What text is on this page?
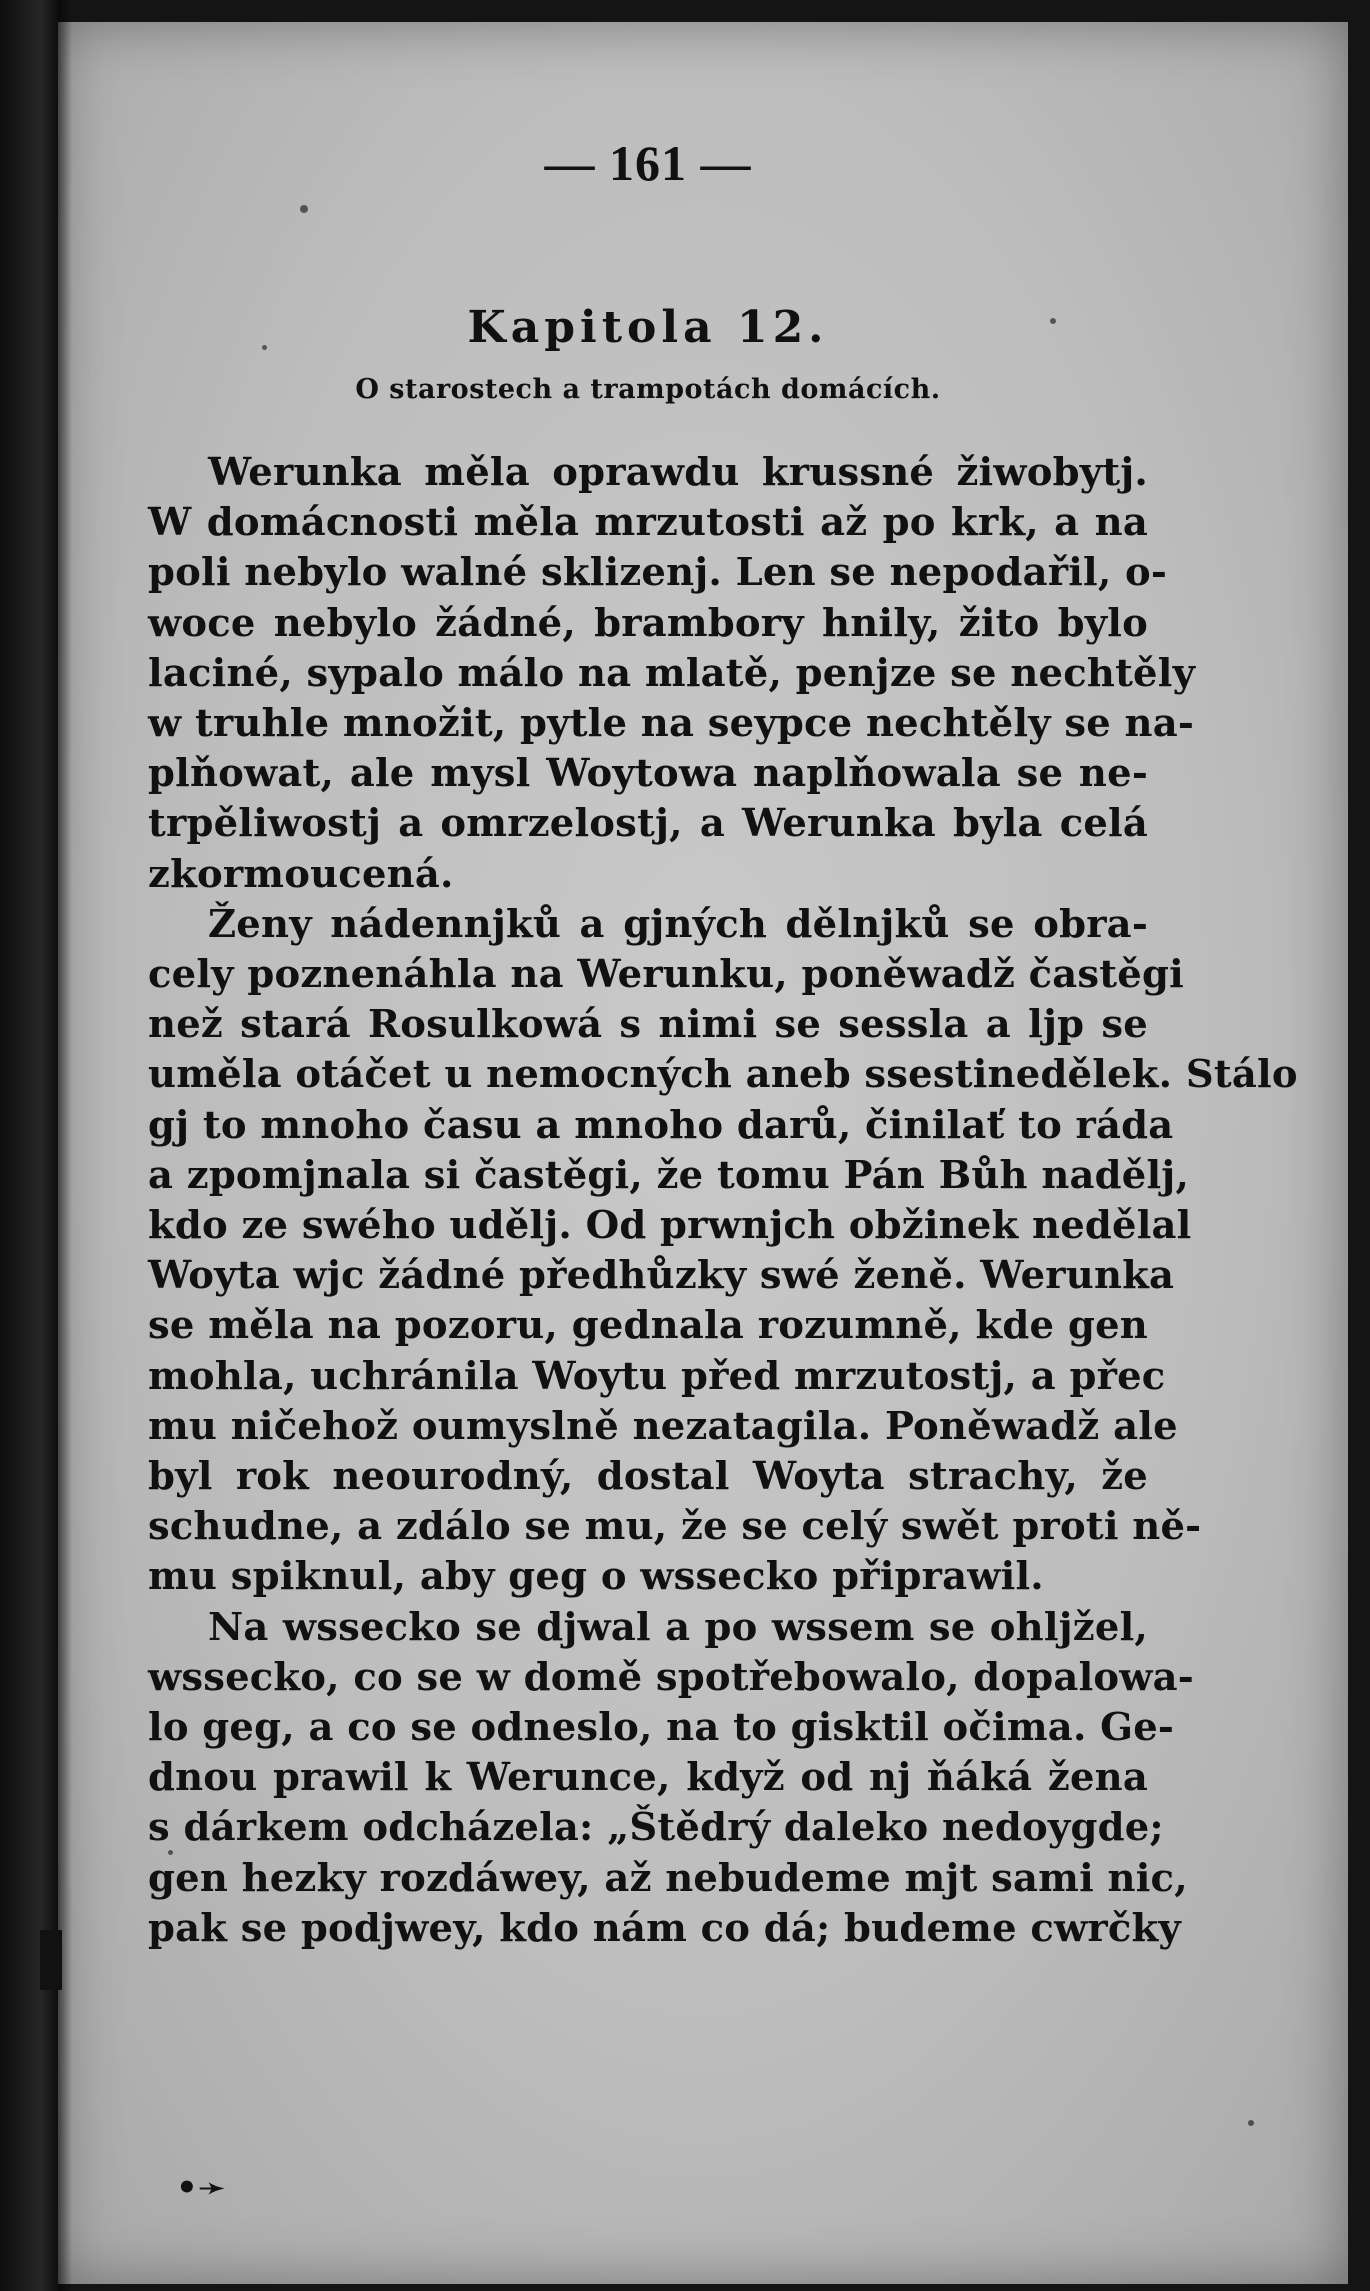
— 161 —
Kapitola 12.
O starostech a trampotách domácích.
Werunka měla oprawdu krussné žiwobytj.
W domácnosti měla mrzutosti až po krk, a na
poli nebylo walné sklizenj. Len se nepodařil, o-
woce nebylo žádné, brambory hnily, žito bylo
laciné, sypalo málo na mlatě, penjze se nechtěly
w truhle množit, pytle na seypce nechtěly se na-
plňowat, ale mysl Woytowa naplňowala se ne-
trpěliwostj a omrzelostj, a Werunka byla celá
zkormoucená.
Ženy nádennjků a gjných dělnjků se obra-
cely poznenáhla na Werunku, poněwadž častěgi
než stará Rosulkowá s nimi se sessla a ljp se
uměla otáčet u nemocných aneb ssestinedělek. Stálo
gj to mnoho času a mnoho darů, činilať to ráda
a zpomjnala si častěgi, že tomu Pán Bůh nadělj,
kdo ze swého udělj. Od prwnjch obžinek nedělal
Woyta wjc žádné předhůzky swé ženě. Werunka
se měla na pozoru, gednala rozumně, kde gen
mohla, uchránila Woytu před mrzutostj, a přec
mu ničehož oumyslně nezatagila. Poněwadž ale
byl rok neourodný, dostal Woyta strachy, že
schudne, a zdálo se mu, že se celý swět proti ně-
mu spiknul, aby geg o wssecko připrawil.
Na wssecko se djwal a po wssem se ohljžel,
wssecko, co se w domě spotřebowalo, dopalowa-
lo geg, a co se odneslo, na to gisktil očima. Ge-
dnou prawil k Werunce, když od nj ňáká žena
s dárkem odcházela: „Štědrý daleko nedoygde;
gen hezky rozdáwey, až nebudeme mjt sami nic,
pak se podjwey, kdo nám co dá; budeme cwrčky
•➛
